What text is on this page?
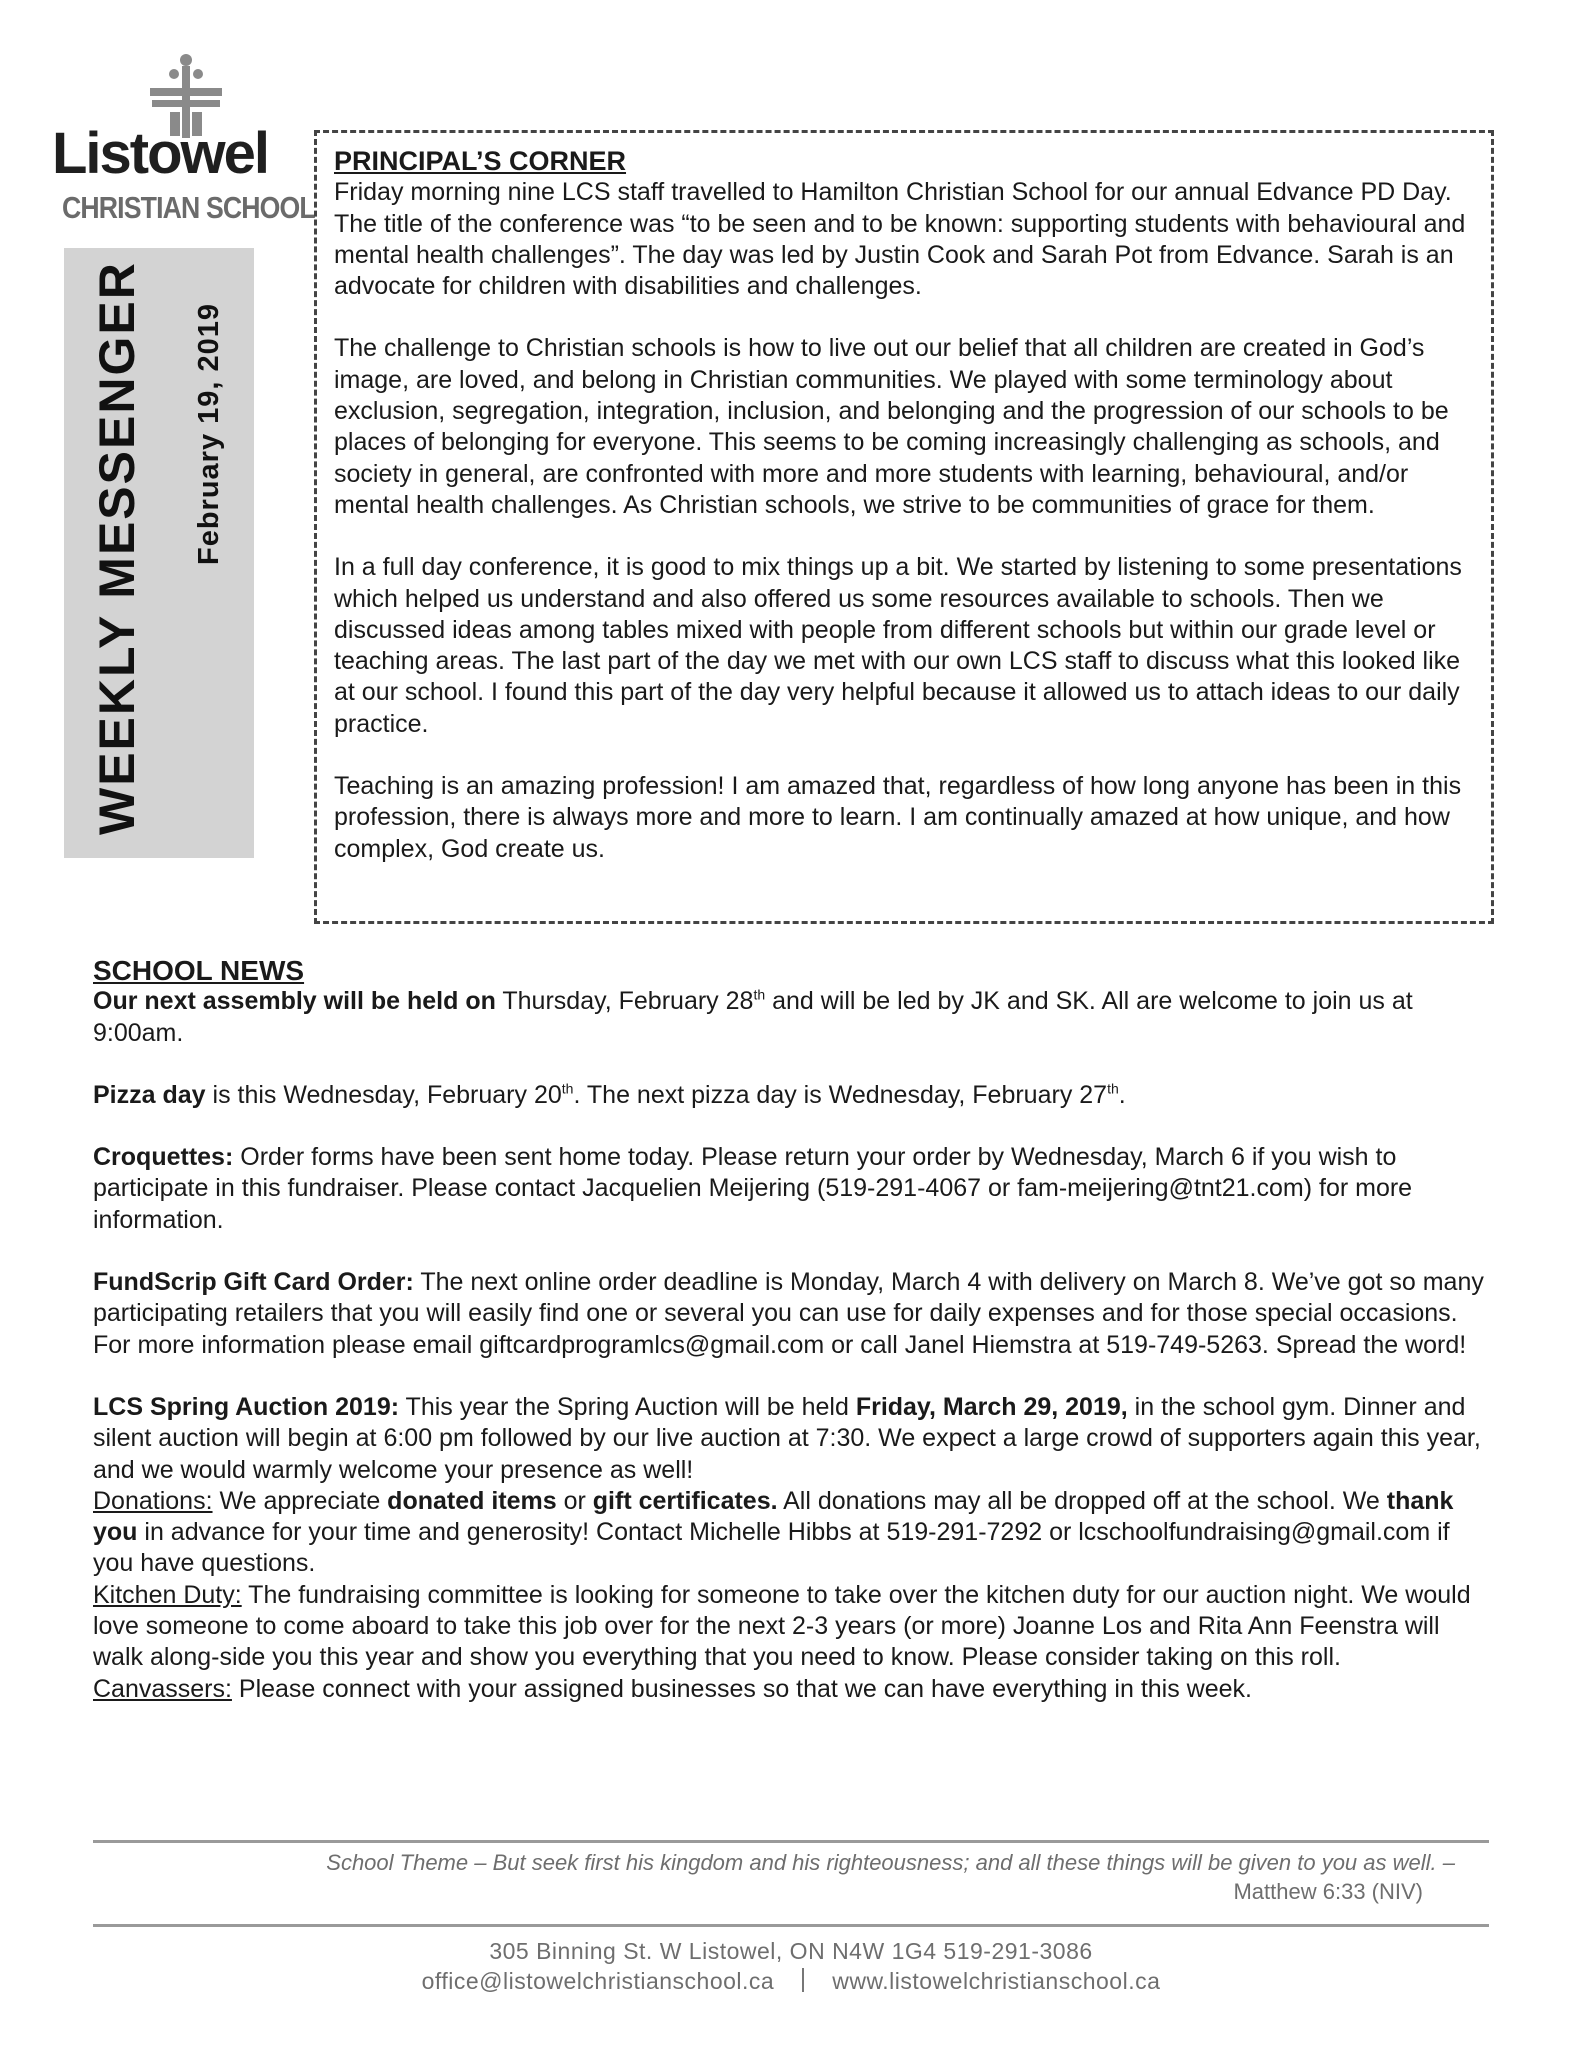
Listowel
CHRISTIAN SCHOOL
WEEKLY MESSENGER February 19, 2019
PRINCIPAL’S CORNER

Friday morning nine LCS staff travelled to Hamilton Christian School for our annual Edvance PD Day. The title of the conference was “to be seen and to be known: supporting students with behavioural and mental health challenges”. The day was led by Justin Cook and Sarah Pot from Edvance. Sarah is an advocate for children with disabilities and challenges.

The challenge to Christian schools is how to live out our belief that all children are created in God’s image, are loved, and belong in Christian communities. We played with some terminology about exclusion, segregation, integration, inclusion, and belonging and the progression of our schools to be places of belonging for everyone. This seems to be coming increasingly challenging as schools, and society in general, are confronted with more and more students with learning, behavioural, and/or mental health challenges. As Christian schools, we strive to be communities of grace for them.

In a full day conference, it is good to mix things up a bit. We started by listening to some presentations which helped us understand and also offered us some resources available to schools. Then we discussed ideas among tables mixed with people from different schools but within our grade level or teaching areas. The last part of the day we met with our own LCS staff to discuss what this looked like at our school. I found this part of the day very helpful because it allowed us to attach ideas to our daily practice.

Teaching is an amazing profession! I am amazed that, regardless of how long anyone has been in this profession, there is always more and more to learn. I am continually amazed at how unique, and how complex, God create us.

SCHOOL NEWS

Our next assembly will be held on Thursday, February 28th and will be led by JK and SK. All are welcome to join us at 9:00am.

Pizza day is this Wednesday, February 20th. The next pizza day is Wednesday, February 27th.

Croquettes: Order forms have been sent home today. Please return your order by Wednesday, March 6 if you wish to participate in this fundraiser. Please contact Jacquelien Meijering (519-291-4067 or fam-meijering@tnt21.com) for more information.

FundScrip Gift Card Order: The next online order deadline is Monday, March 4 with delivery on March 8. We’ve got so many participating retailers that you will easily find one or several you can use for daily expenses and for those special occasions. For more information please email giftcardprogramlcs@gmail.com or call Janel Hiemstra at 519-749-5263. Spread the word!

LCS Spring Auction 2019: This year the Spring Auction will be held Friday, March 29, 2019, in the school gym. Dinner and silent auction will begin at 6:00 pm followed by our live auction at 7:30. We expect a large crowd of supporters again this year, and we would warmly welcome your presence as well!

Donations: We appreciate donated items or gift certificates. All donations may all be dropped off at the school. We thank you in advance for your time and generosity! Contact Michelle Hibbs at 519-291-7292 or lcschoolfundraising@gmail.com if you have questions.

Kitchen Duty: The fundraising committee is looking for someone to take over the kitchen duty for our auction night. We would love someone to come aboard to take this job over for the next 2-3 years (or more) Joanne Los and Rita Ann Feenstra will walk along-side you this year and show you everything that you need to know. Please consider taking on this roll.

Canvassers: Please connect with your assigned businesses so that we can have everything in this week.

School Theme – But seek first his kingdom and his righteousness; and all these things will be given to you as well. –
Matthew 6:33 (NIV)
305 Binning St. W Listowel, ON N4W 1G4 519-291-3086
office@listowelchristianschool.ca	www.listowelchristianschool.ca
